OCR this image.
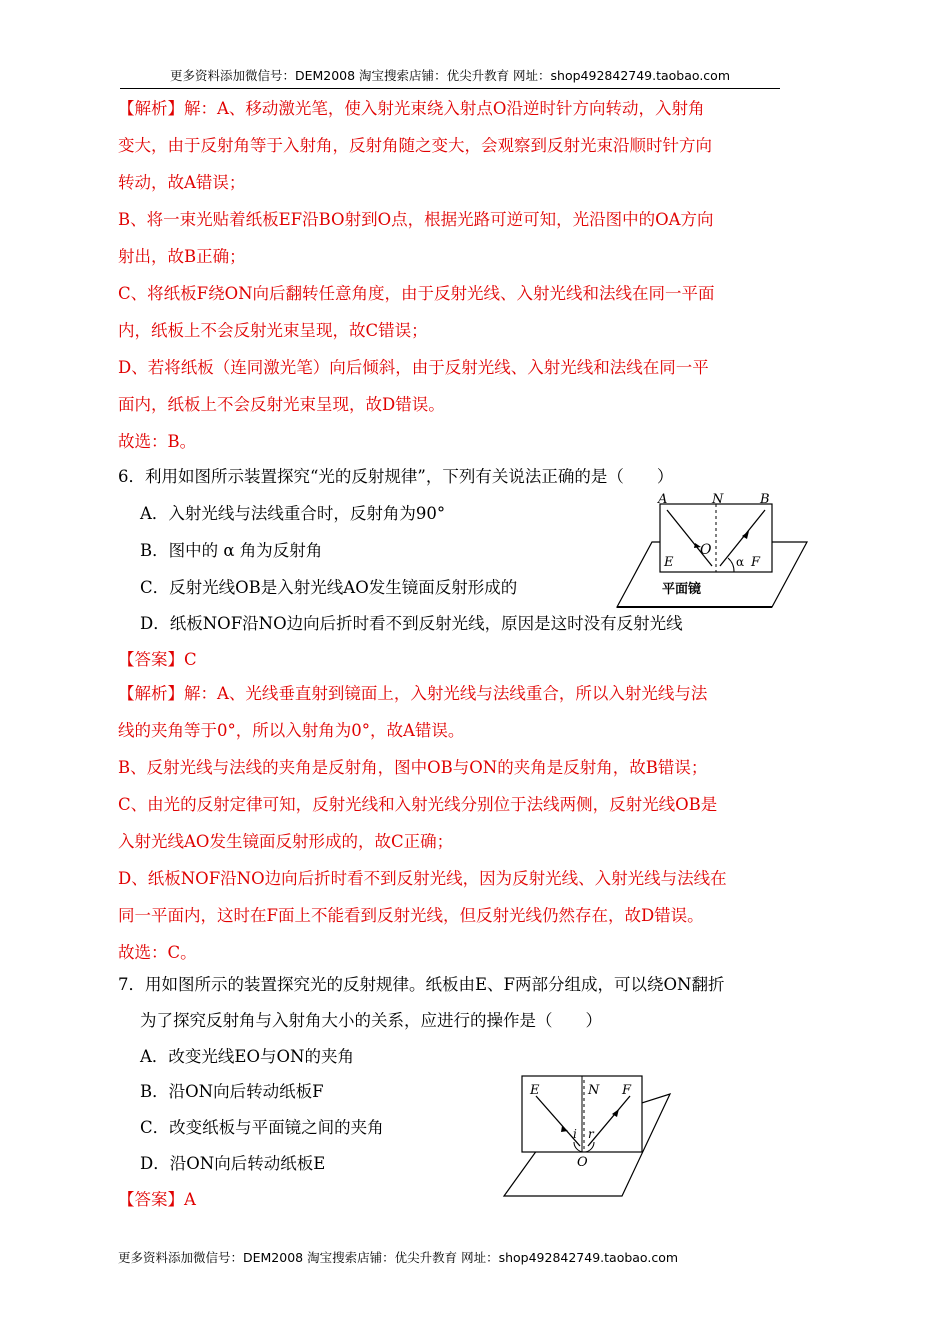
更多资料添加微信号：DEM2008 淘宝搜索店铺：优尖升教育 网址：shop492842749.taobao.com
【解析】解：A、移动激光笔，使入射光束绕入射点O沿逆时针方向转动，入射角
变大，由于反射角等于入射角，反射角随之变大，会观察到反射光束沿顺时针方向
转动，故A错误；
B、将一束光贴着纸板EF沿BO射到O点，根据光路可逆可知，光沿图中的OA方向
射出，故B正确；
C、将纸板F绕ON向后翻转任意角度，由于反射光线、入射光线和法线在同一平面
内，纸板上不会反射光束呈现，故C错误；
D、若将纸板（连同激光笔）向后倾斜，由于反射光线、入射光线和法线在同一平
面内，纸板上不会反射光束呈现，故D错误。
故选：B。
6．利用如图所示装置探究“光的反射规律”，下列有关说法正确的是（　　）
A．入射光线与法线重合时，反射角为90°
B．图中的 α 角为反射角
C．反射光线OB是入射光线AO发生镜面反射形成的
D．纸板NOF沿NO边向后折时看不到反射光线，原因是这时没有反射光线
【答案】C
【解析】解：A、光线垂直射到镜面上，入射光线与法线重合，所以入射光线与法
线的夹角等于0°，所以入射角为0°，故A错误。
B、反射光线与法线的夹角是反射角，图中OB与ON的夹角是反射角，故B错误；
C、由光的反射定律可知，反射光线和入射光线分别位于法线两侧，反射光线OB是
入射光线AO发生镜面反射形成的，故C正确；
D、纸板NOF沿NO边向后折时看不到反射光线，因为反射光线、入射光线与法线在
同一平面内，这时在F面上不能看到反射光线，但反射光线仍然存在，故D错误。
故选：C。
平面镜
A	N	B
E
O
α F
7．用如图所示的装置探究光的反射规律。纸板由E、F两部分组成，可以绕ON翻折
为了探究反射角与入射角大小的关系，应进行的操作是（　　）
A．改变光线EO与ON的夹角
B．沿ON向后转动纸板F
C．改变纸板与平面镜之间的夹角
D．沿ON向后转动纸板E
【答案】A
E	N F
i r
O
更多资料添加微信号：DEM2008 淘宝搜索店铺：优尖升教育 网址：shop492842749.taobao.com
